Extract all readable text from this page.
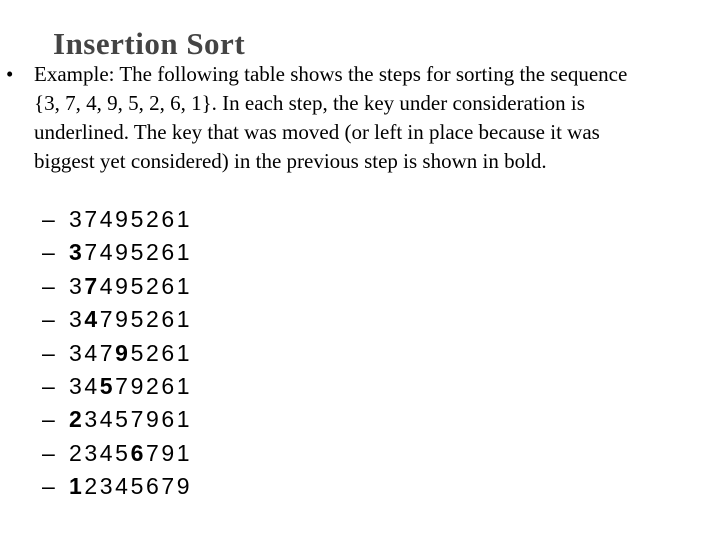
Insertion Sort
• Example: The following table shows the steps for sorting the sequence {3, 7, 4, 9, 5, 2, 6, 1}. In each step, the key under consideration is underlined. The key that was moved (or left in place because it was biggest yet considered) in the previous step is shown in bold.
– 3 7 4 9 5 2 6 1
– 3 7 4 9 5 2 6 1
– 3 7 4 9 5 2 6 1
– 3 4 7 9 5 2 6 1
– 3 4 7 9 5 2 6 1
– 3 4 5 7 9 2 6 1
– 2 3 4 5 7 9 6 1
– 2 3 4 5 6 7 9 1
– 1 2 3 4 5 6 7 9
